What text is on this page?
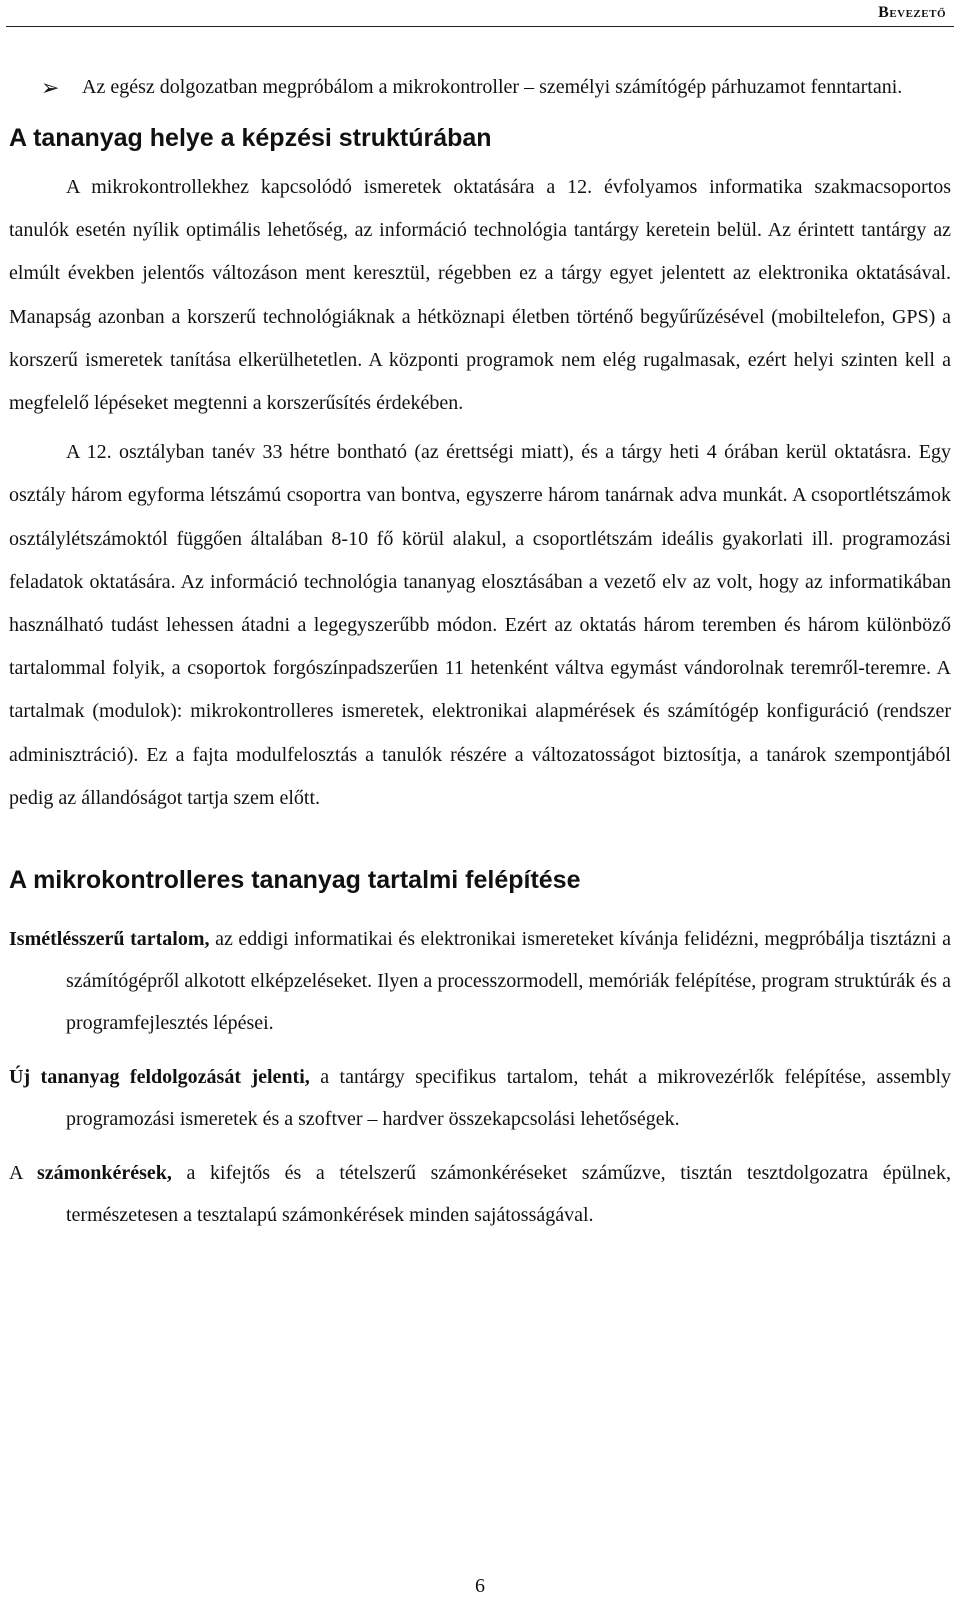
Bevezető
➢ Az egész dolgozatban megpróbálom a mikrokontroller – személyi számítógép párhuzamot fenntartani.
A tananyag helye a képzési struktúrában

A mikrokontrollekhez kapcsolódó ismeretek oktatására a 12. évfolyamos informatika szakmacsoportos tanulók esetén nyílik optimális lehetőség, az információ technológia tantárgy keretein belül. Az érintett tantárgy az elmúlt években jelentős változáson ment keresztül, régebben ez a tárgy egyet jelentett az elektronika oktatásával. Manapság azonban a korszerű technológiáknak a hétköznapi életben történő begyűrűzésével (mobiltelefon, GPS) a korszerű ismeretek tanítása elkerülhetetlen. A központi programok nem elég rugalmasak, ezért helyi szinten kell a megfelelő lépéseket megtenni a korszerűsítés érdekében.

A 12. osztályban tanév 33 hétre bontható (az érettségi miatt), és a tárgy heti 4 órában kerül oktatásra. Egy osztály három egyforma létszámú csoportra van bontva, egyszerre három tanárnak adva munkát. A csoportlétszámok osztálylétszámoktól függően általában 8-10 fő körül alakul, a csoportlétszám ideális gyakorlati ill. programozási feladatok oktatására. Az információ technológia tananyag elosztásában a vezető elv az volt, hogy az informatikában használható tudást lehessen átadni a legegyszerűbb módon. Ezért az oktatás három teremben és három különböző tartalommal folyik, a csoportok forgószínpadszerűen 11 hetenként váltva egymást vándorolnak teremről-teremre. A tartalmak (modulok): mikrokontrolleres ismeretek, elektronikai alapmérések és számítógép konfiguráció (rendszer adminisztráció). Ez a fajta modulfelosztás a tanulók részére a változatosságot biztosítja, a tanárok szempontjából pedig az állandóságot tartja szem előtt.

A mikrokontrolleres tananyag tartalmi felépítése

Ismétlésszerű tartalom, az eddigi informatikai és elektronikai ismereteket kívánja felidézni, megpróbálja tisztázni a számítógépről alkotott elképzeléseket. Ilyen a processzormodell, memóriák felépítése, program struktúrák és a programfejlesztés lépései.

Új tananyag feldolgozását jelenti, a tantárgy specifikus tartalom, tehát a mikrovezérlők felépítése, assembly programozási ismeretek és a szoftver – hardver összekapcsolási lehetőségek.

A számonkérések, a kifejtős és a tételszerű számonkéréseket száműzve, tisztán tesztdolgozatra épülnek, természetesen a tesztalapú számonkérések minden sajátosságával.

6
